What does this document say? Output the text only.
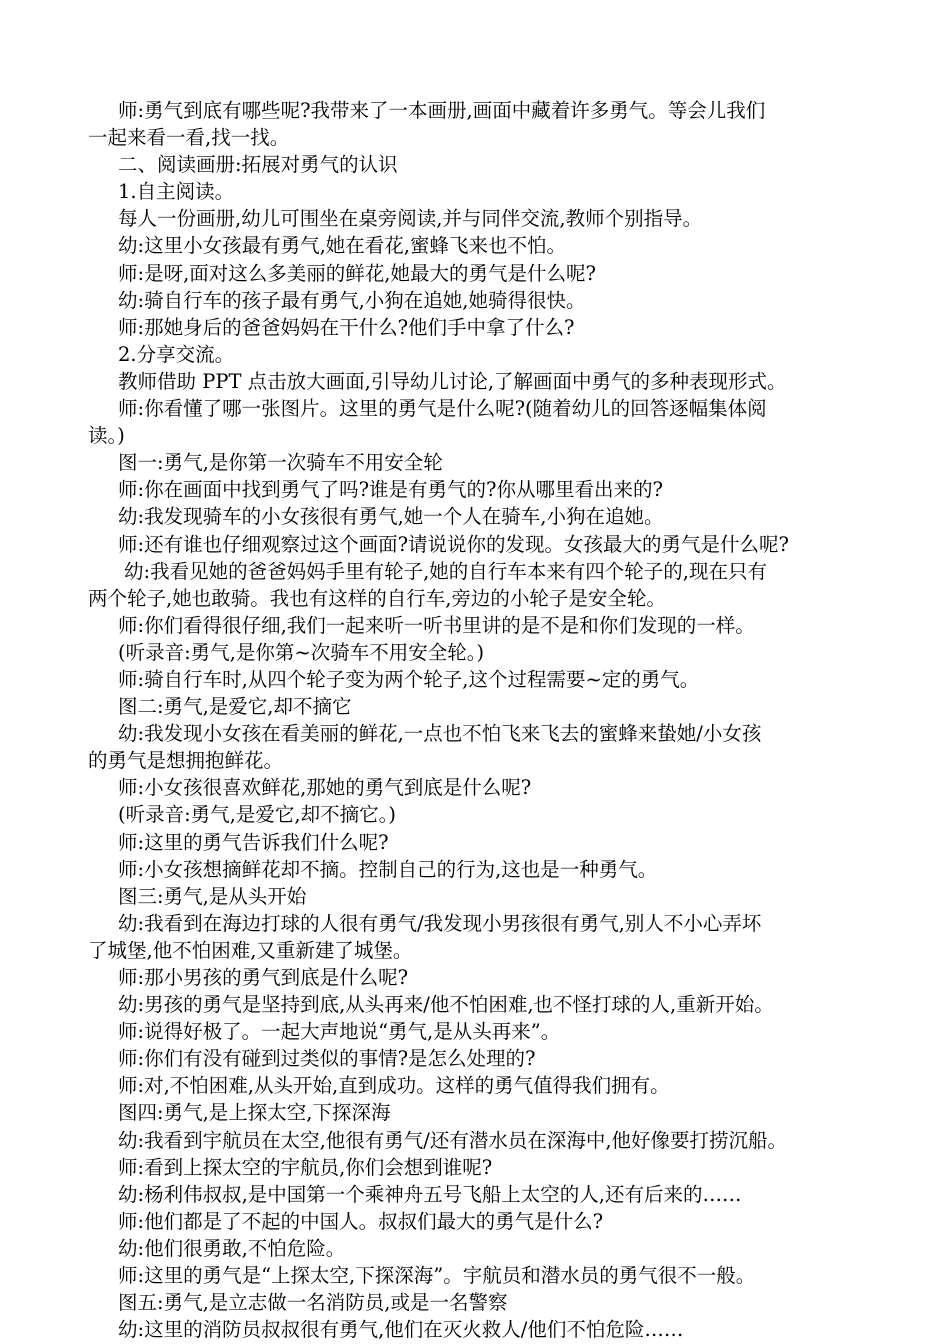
师:勇气到底有哪些呢?我带来了一本画册,画面中藏着许多勇气。等会儿我们
一起来看一看,找一找。
二、阅读画册:拓展对勇气的认识
1.自主阅读。
每人一份画册,幼儿可围坐在桌旁阅读,并与同伴交流,教师个别指导。
幼:这里小女孩最有勇气,她在看花,蜜蜂飞来也不怕。
师:是呀,面对这么多美丽的鲜花,她最大的勇气是什么呢?
幼:骑自行车的孩子最有勇气,小狗在追她,她骑得很快。
师:那她身后的爸爸妈妈在干什么?他们手中拿了什么?
2.分享交流。
教师借助 PPT 点击放大画面,引导幼儿讨论,了解画面中勇气的多种表现形式。
师:你看懂了哪一张图片。这里的勇气是什么呢?(随着幼儿的回答逐幅集体阅
读。)
图一:勇气,是你第一次骑车不用安全轮
师:你在画面中找到勇气了吗?谁是有勇气的?你从哪里看出来的?
幼:我发现骑车的小女孩很有勇气,她一个人在骑车,小狗在追她。
师:还有谁也仔细观察过这个画面?请说说你的发现。女孩最大的勇气是什么呢?
幼:我看见她的爸爸妈妈手里有轮子,她的自行车本来有四个轮子的,现在只有
两个轮子,她也敢骑。我也有这样的自行车,旁边的小轮子是安全轮。
师:你们看得很仔细,我们一起来听一听书里讲的是不是和你们发现的一样。
(听录音:勇气,是你第~次骑车不用安全轮。)
师:骑自行车时,从四个轮子变为两个轮子,这个过程需要~定的勇气。
图二:勇气,是爱它,却不摘它
幼:我发现小女孩在看美丽的鲜花,一点也不怕飞来飞去的蜜蜂来蛰她/小女孩
的勇气是想拥抱鲜花。
师:小女孩很喜欢鲜花,那她的勇气到底是什么呢?
(听录音:勇气,是爱它,却不摘它。)
师:这里的勇气告诉我们什么呢?
师:小女孩想摘鲜花却不摘。控制自己的行为,这也是一种勇气。
图三:勇气,是从头开始
幼:我看到在海边打球的人很有勇气/我发现小男孩很有勇气,别人不小心弄坏
了城堡,他不怕困难,又重新建了城堡。
师:那小男孩的勇气到底是什么呢?
幼:男孩的勇气是坚持到底,从头再来/他不怕困难,也不怪打球的人,重新开始。
师:说得好极了。一起大声地说“勇气,是从头再来”。
师:你们有没有碰到过类似的事情?是怎么处理的?
师:对,不怕困难,从头开始,直到成功。这样的勇气值得我们拥有。
图四:勇气,是上探太空,下探深海
幼:我看到宇航员在太空,他很有勇气/还有潜水员在深海中,他好像要打捞沉船。
师:看到上探太空的宇航员,你们会想到谁呢?
幼:杨利伟叔叔,是中国第一个乘神舟五号飞船上太空的人,还有后来的……
师:他们都是了不起的中国人。叔叔们最大的勇气是什么?
幼:他们很勇敢,不怕危险。
师:这里的勇气是“上探太空,下探深海”。宇航员和潜水员的勇气很不一般。
图五:勇气,是立志做一名消防员,或是一名警察
幼:这里的消防员叔叔很有勇气,他们在灭火救人/他们不怕危险……
